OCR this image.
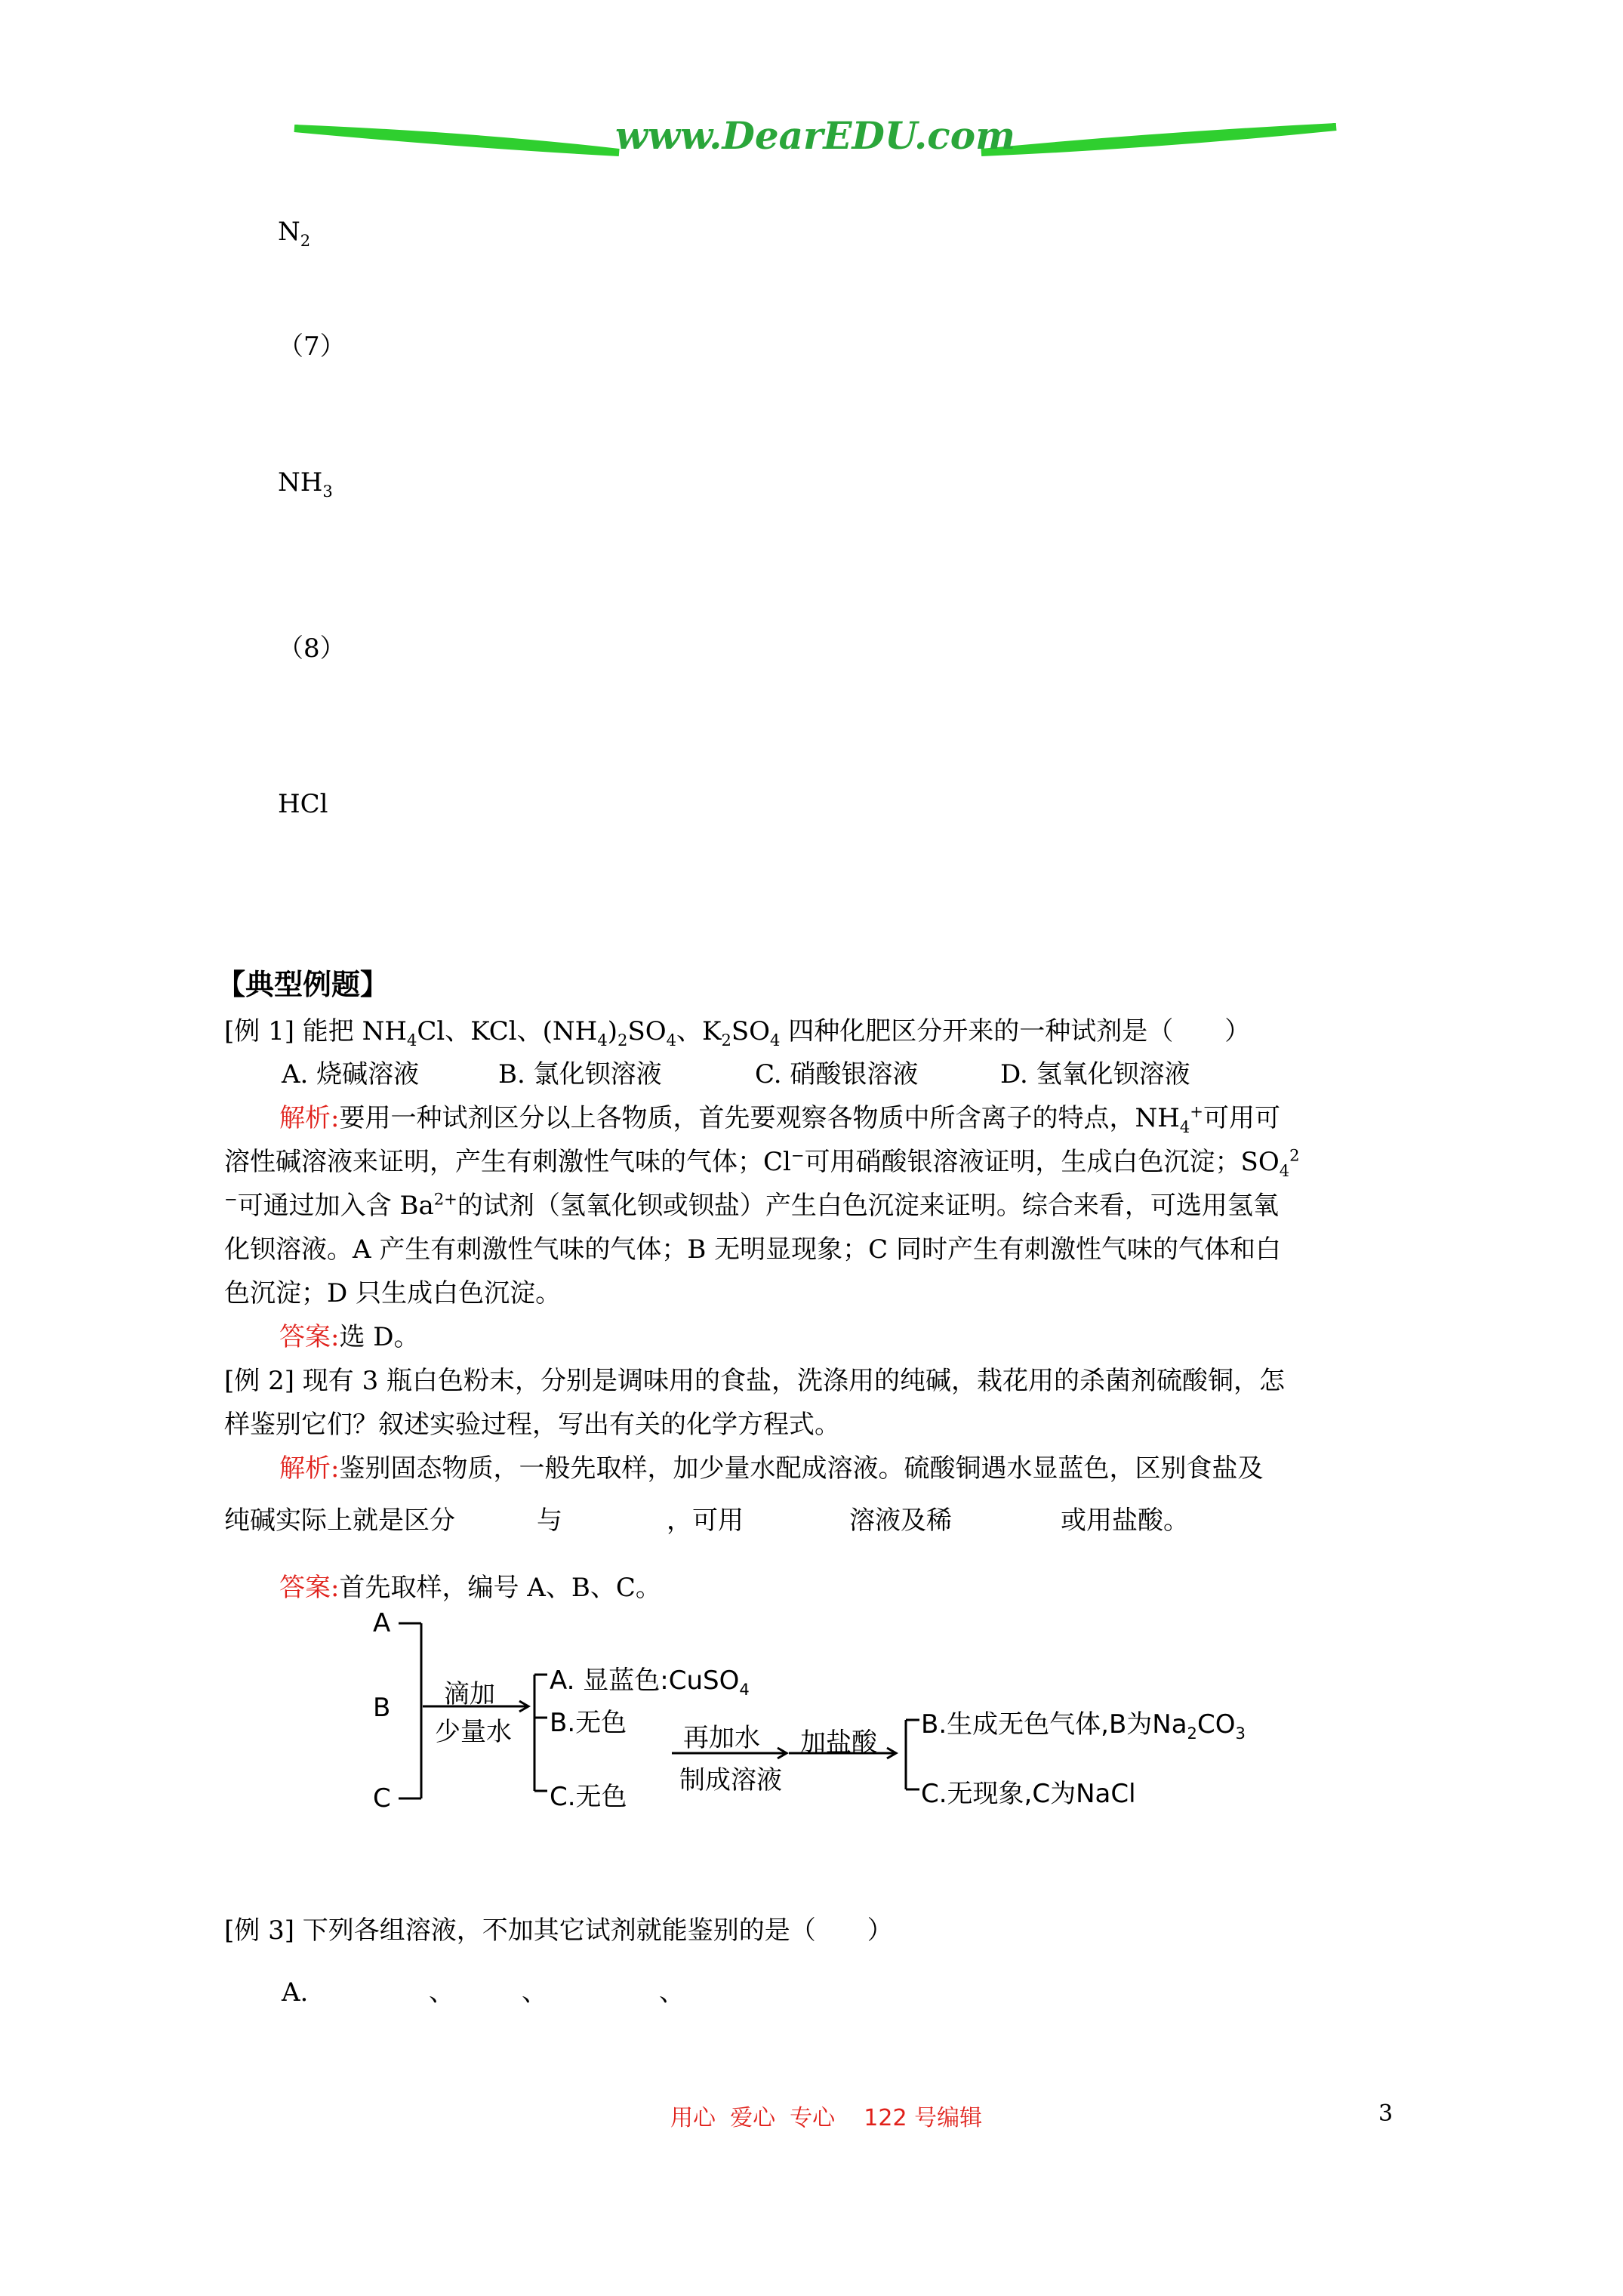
www.DearEDU.com
$N_2$
（7）
$NH_3$
（8）
HCl
【典型例题】
[例 1] 能把 $NH_4Cl$、KCl、$(NH_4)_2SO_4$、$K_2SO_4$ 四种化肥区分开来的一种试剂是（　　）
A. 烧碱溶液	B. 氯化钡溶液	C. 硝酸银溶液	D. 氢氧化钡溶液
解析:要用一种试剂区分以上各物质，首先要观察各物质中所含离子的特点，$NH_4^+$可用可
溶性碱溶液来证明，产生有刺激性气味的气体；Cl−可用硝酸银溶液证明，生成白色沉淀；$SO_4^2$
−可通过加入含 $Ba^{2+}$的试剂（氢氧化钡或钡盐）产生白色沉淀来证明。综合来看，可选用氢氧
化钡溶液。A 产生有刺激性气味的气体；B 无明显现象；C 同时产生有刺激性气味的气体和白
色沉淀；D 只生成白色沉淀。
答案:选 D。
[例 2] 现有 3 瓶白色粉末，分别是调味用的食盐，洗涤用的纯碱，栽花用的杀菌剂硫酸铜，怎
样鉴别它们？叙述实验过程，写出有关的化学方程式。
解析:鉴别固态物质，一般先取样，加少量水配成溶液。硫酸铜遇水显蓝色，区别食盐及
纯碱实际上就是区分	与	，可用	溶液及稀	或用盐酸。
答案:首先取样，编号 A、B、C。
A
B
C
滴加
少量水
A. 显蓝色:CuSO$_4$
B.无色
C.无色
再加水
制成溶液
加盐酸
B.生成无色气体,B为$Na_2CO_3$
C.无现象,C为NaCl
[例 3] 下列各组溶液，不加其它试剂就能鉴别的是（　　）
A.	、	、	、
用心  爱心  专心    122 号编辑	3
